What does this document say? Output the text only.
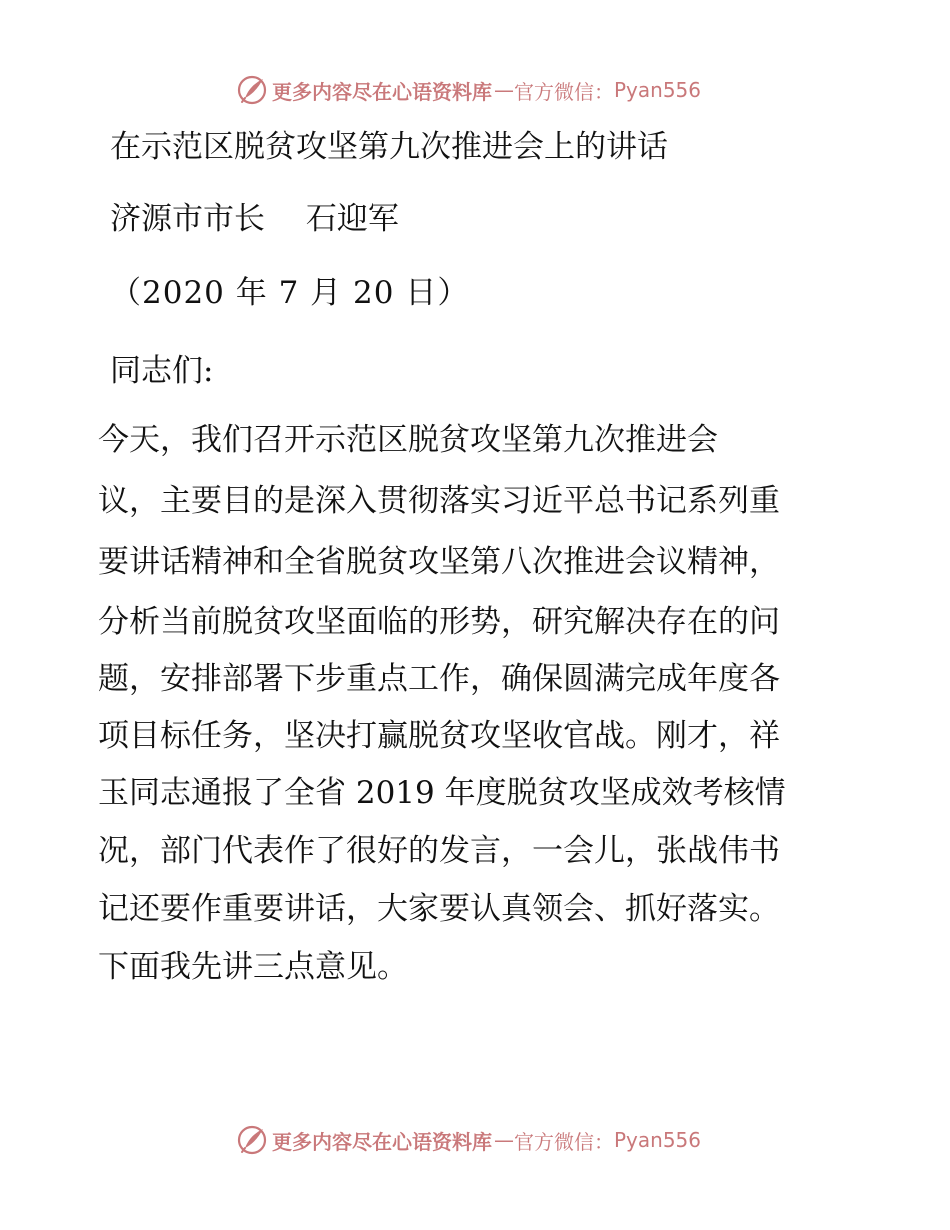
更多内容尽在心语资料库 — 官方微信： Pyan556
在示范区脱贫攻坚第九次推进会上的讲话
济源市市长　 石迎军
（2020 年 7 月 20 日）
同志们:
今天，我们召开示范区脱贫攻坚第九次推进会
议，主要目的是深入贯彻落实习近平总书记系列重
要讲话精神和全省脱贫攻坚第八次推进会议精神，
分析当前脱贫攻坚面临的形势，研究解决存在的问
题，安排部署下步重点工作，确保圆满完成年度各
项目标任务，坚决打赢脱贫攻坚收官战。刚才，祥
玉同志通报了全省 2019 年度脱贫攻坚成效考核情
况，部门代表作了很好的发言，一会儿，张战伟书
记还要作重要讲话，大家要认真领会、抓好落实。
下面我先讲三点意见。
更多内容尽在心语资料库 — 官方微信： Pyan556
